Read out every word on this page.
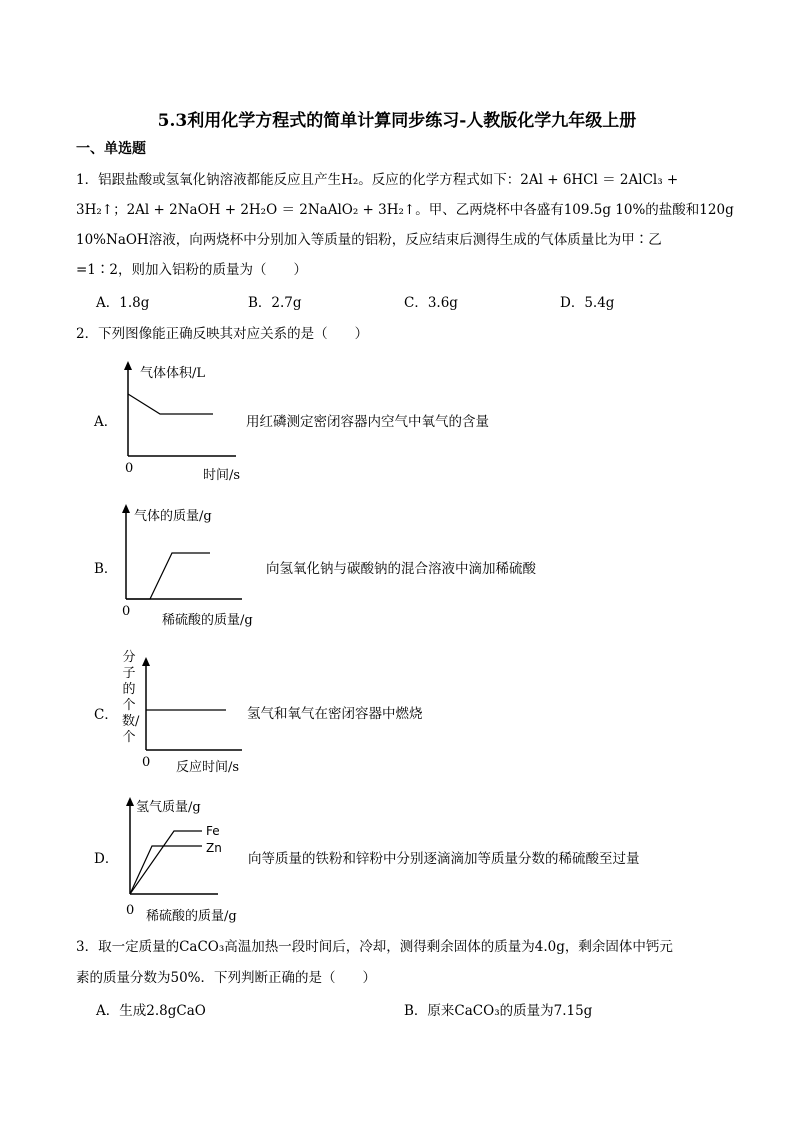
5.3利用化学方程式的简单计算同步练习-人教版化学九年级上册
一、单选题
1．铝跟盐酸或氢氧化钠溶液都能反应且产生H₂。反应的化学方程式如下：2Al + 6HCl ＝ 2AlCl₃ +
3H₂↑；2Al + 2NaOH + 2H₂O ＝ 2NaAlO₂ + 3H₂↑。甲、乙两烧杯中各盛有109.5g 10%的盐酸和120g
10%NaOH溶液，向两烧杯中分别加入等质量的铝粉，反应结束后测得生成的气体质量比为甲∶乙
=1∶2，则加入铝粉的质量为（　　）
A．1.8g	B．2.7g	C．3.6g	D．5.4g
2．下列图像能正确反映其对应关系的是（　　）
A．
气体体积/L
0	时间/s
用红磷测定密闭容器内空气中氧气的含量
B．
气体的质量/g
0
稀硫酸的质量/g
向氢氧化钠与碳酸钠的混合溶液中滴加稀硫酸
C．
分子的个数/个
0 反应时间/s
氢气和氧气在密闭容器中燃烧
D．
氢气质量/g
0 稀硫酸的质量/g
Fe
Zn
向等质量的铁粉和锌粉中分别逐滴滴加等质量分数的稀硫酸至过量
3．取一定质量的CaCO₃高温加热一段时间后，冷却，测得剩余固体的质量为4.0g，剩余固体中钙元
素的质量分数为50%．下列判断正确的是（　　）
A．生成2.8gCaO	B．原来CaCO₃的质量为7.15g
